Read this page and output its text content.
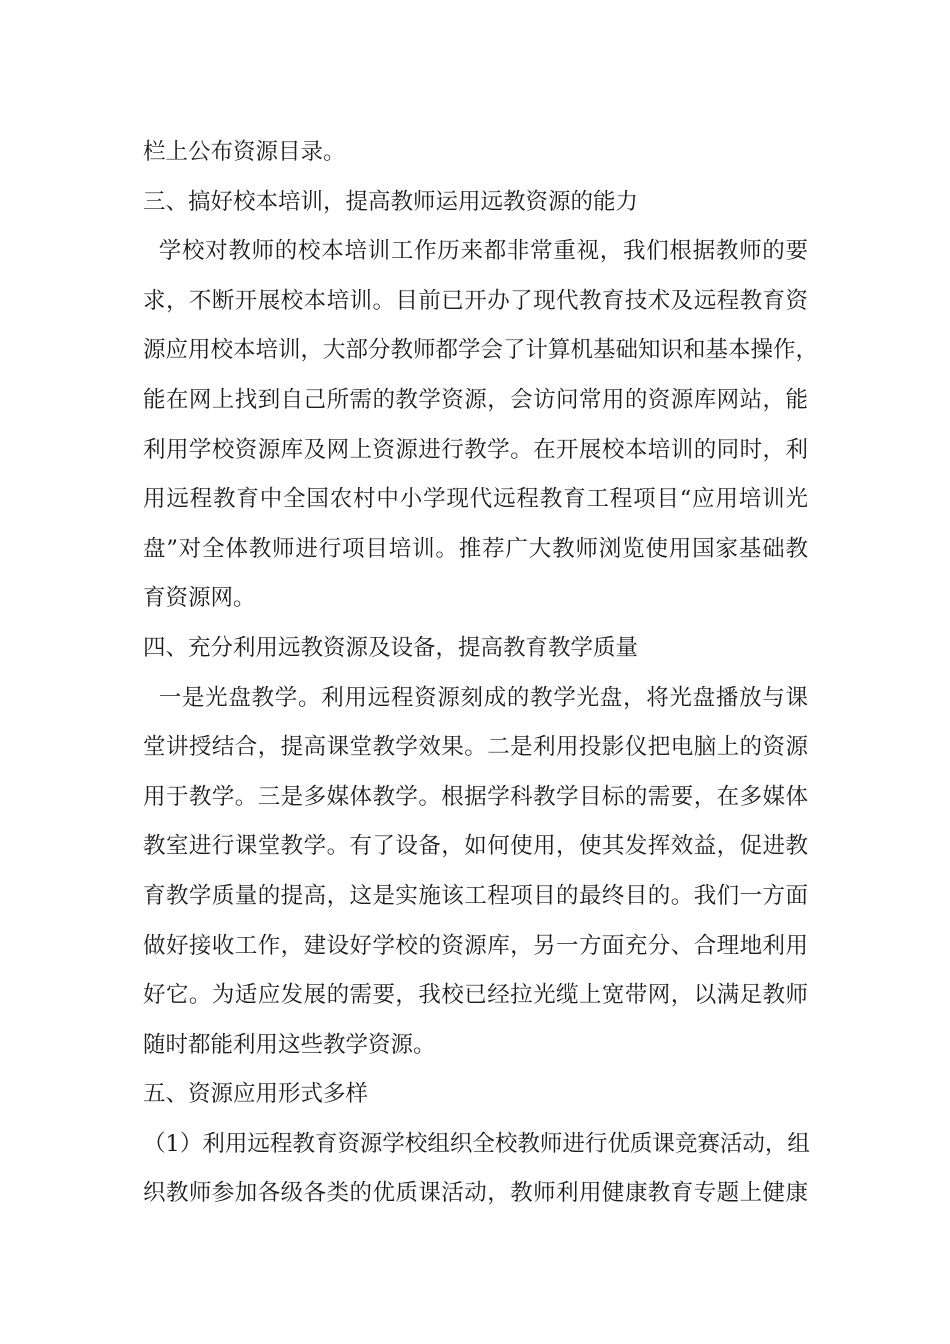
栏上公布资源目录。
三、搞好校本培训，提高教师运用远教资源的能力
学校对教师的校本培训工作历来都非常重视，我们根据教师的要
求，不断开展校本培训。目前已开办了现代教育技术及远程教育资
源应用校本培训，大部分教师都学会了计算机基础知识和基本操作，
能在网上找到自己所需的教学资源，会访问常用的资源库网站，能
利用学校资源库及网上资源进行教学。在开展校本培训的同时，利
用远程教育中全国农村中小学现代远程教育工程项目“应用培训光
盘”对全体教师进行项目培训。推荐广大教师浏览使用国家基础教
育资源网。
四、充分利用远教资源及设备，提高教育教学质量
一是光盘教学。利用远程资源刻成的教学光盘，将光盘播放与课
堂讲授结合，提高课堂教学效果。二是利用投影仪把电脑上的资源
用于教学。三是多媒体教学。根据学科教学目标的需要，在多媒体
教室进行课堂教学。有了设备，如何使用，使其发挥效益，促进教
育教学质量的提高，这是实施该工程项目的最终目的。我们一方面
做好接收工作，建设好学校的资源库，另一方面充分、合理地利用
好它。为适应发展的需要，我校已经拉光缆上宽带网，以满足教师
随时都能利用这些教学资源。
五、资源应用形式多样
（1）利用远程教育资源学校组织全校教师进行优质课竞赛活动，组
织教师参加各级各类的优质课活动，教师利用健康教育专题上健康
